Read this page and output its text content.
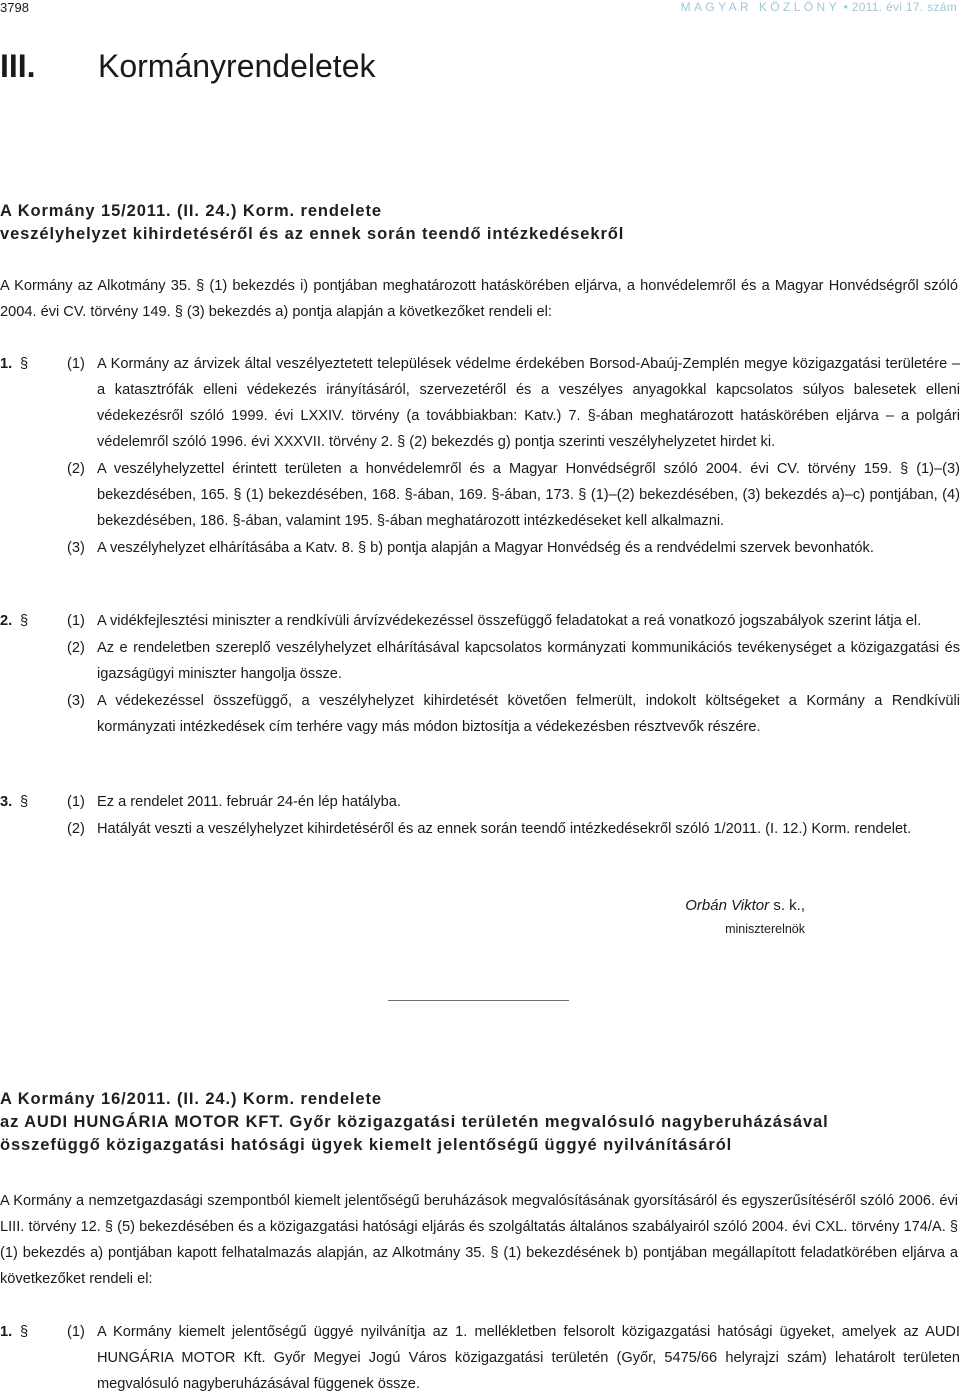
3798	MAGYAR KÖZLÖNY • 2011. évi 17. szám
III. Kormányrendeletek
A Kormány 15/2011. (II. 24.) Korm. rendelete
veszélyhelyzet kihirdetéséről és az ennek során teendő intézkedésekről
A Kormány az Alkotmány 35. § (1) bekezdés i) pontjában meghatározott hatáskörében eljárva, a honvédelemről és a Magyar Honvédségről szóló 2004. évi CV. törvény 149. § (3) bekezdés a) pontja alapján a következőket rendeli el:
1. §	(1) A Kormány az árvizek által veszélyeztetett települések védelme érdekében Borsod-Abaúj-Zemplén megye közigazgatási területére – a katasztrófák elleni védekezés irányításáról, szervezetéről és a veszélyes anyagokkal kapcsolatos súlyos balesetek elleni védekezésről szóló 1999. évi LXXIV. törvény (a továbbiakban: Katv.) 7. §-ában meghatározott hatáskörében eljárva – a polgári védelemről szóló 1996. évi XXXVII. törvény 2. § (2) bekezdés g) pontja szerinti veszélyhelyzetet hirdet ki.
(2) A veszélyhelyzettel érintett területen a honvédelemről és a Magyar Honvédségről szóló 2004. évi CV. törvény 159. § (1)–(3) bekezdésében, 165. § (1) bekezdésében, 168. §-ában, 169. §-ában, 173. § (1)–(2) bekezdésében, (3) bekezdés a)–c) pontjában, (4) bekezdésében, 186. §-ában, valamint 195. §-ában meghatározott intézkedéseket kell alkalmazni.
(3) A veszélyhelyzet elhárításába a Katv. 8. § b) pontja alapján a Magyar Honvédség és a rendvédelmi szervek bevonhatók.
2. §	(1) A vidékfejlesztési miniszter a rendkívüli árvízvédekezéssel összefüggő feladatokat a reá vonatkozó jogszabályok szerint látja el.
(2) Az e rendeletben szereplő veszélyhelyzet elhárításával kapcsolatos kormányzati kommunikációs tevékenységet a közigazgatási és igazságügyi miniszter hangolja össze.
(3) A védekezéssel összefüggő, a veszélyhelyzet kihirdetését követően felmerült, indokolt költségeket a Kormány a Rendkívüli kormányzati intézkedések cím terhére vagy más módon biztosítja a védekezésben résztvevők részére.
3. §	(1) Ez a rendelet 2011. február 24-én lép hatályba.
(2) Hatályát veszti a veszélyhelyzet kihirdetéséről és az ennek során teendő intézkedésekről szóló 1/2011. (I. 12.) Korm. rendelet.
Orbán Viktor s. k.,
miniszterelnök
A Kormány 16/2011. (II. 24.) Korm. rendelete
az AUDI HUNGÁRIA MOTOR KFT. Győr közigazgatási területén megvalósuló nagyberuházásával
összefüggő közigazgatási hatósági ügyek kiemelt jelentőségű üggyé nyilvánításáról
A Kormány a nemzetgazdasági szempontból kiemelt jelentőségű beruházások megvalósításának gyorsításáról és egyszerűsítéséről szóló 2006. évi LIII. törvény 12. § (5) bekezdésében és a közigazgatási hatósági eljárás és szolgáltatás általános szabályairól szóló 2004. évi CXL. törvény 174/A. § (1) bekezdés a) pontjában kapott felhatalmazás alapján, az Alkotmány 35. § (1) bekezdésének b) pontjában megállapított feladatkörében eljárva a következőket rendeli el:
1. §	(1) A Kormány kiemelt jelentőségű üggyé nyilvánítja az 1. mellékletben felsorolt közigazgatási hatósági ügyeket, amelyek az AUDI HUNGÁRIA MOTOR Kft. Győr Megyei Jogú Város közigazgatási területén (Győr, 5475/66 helyrajzi szám) lehatárolt területen megvalósuló nagyberuházásával függenek össze.
